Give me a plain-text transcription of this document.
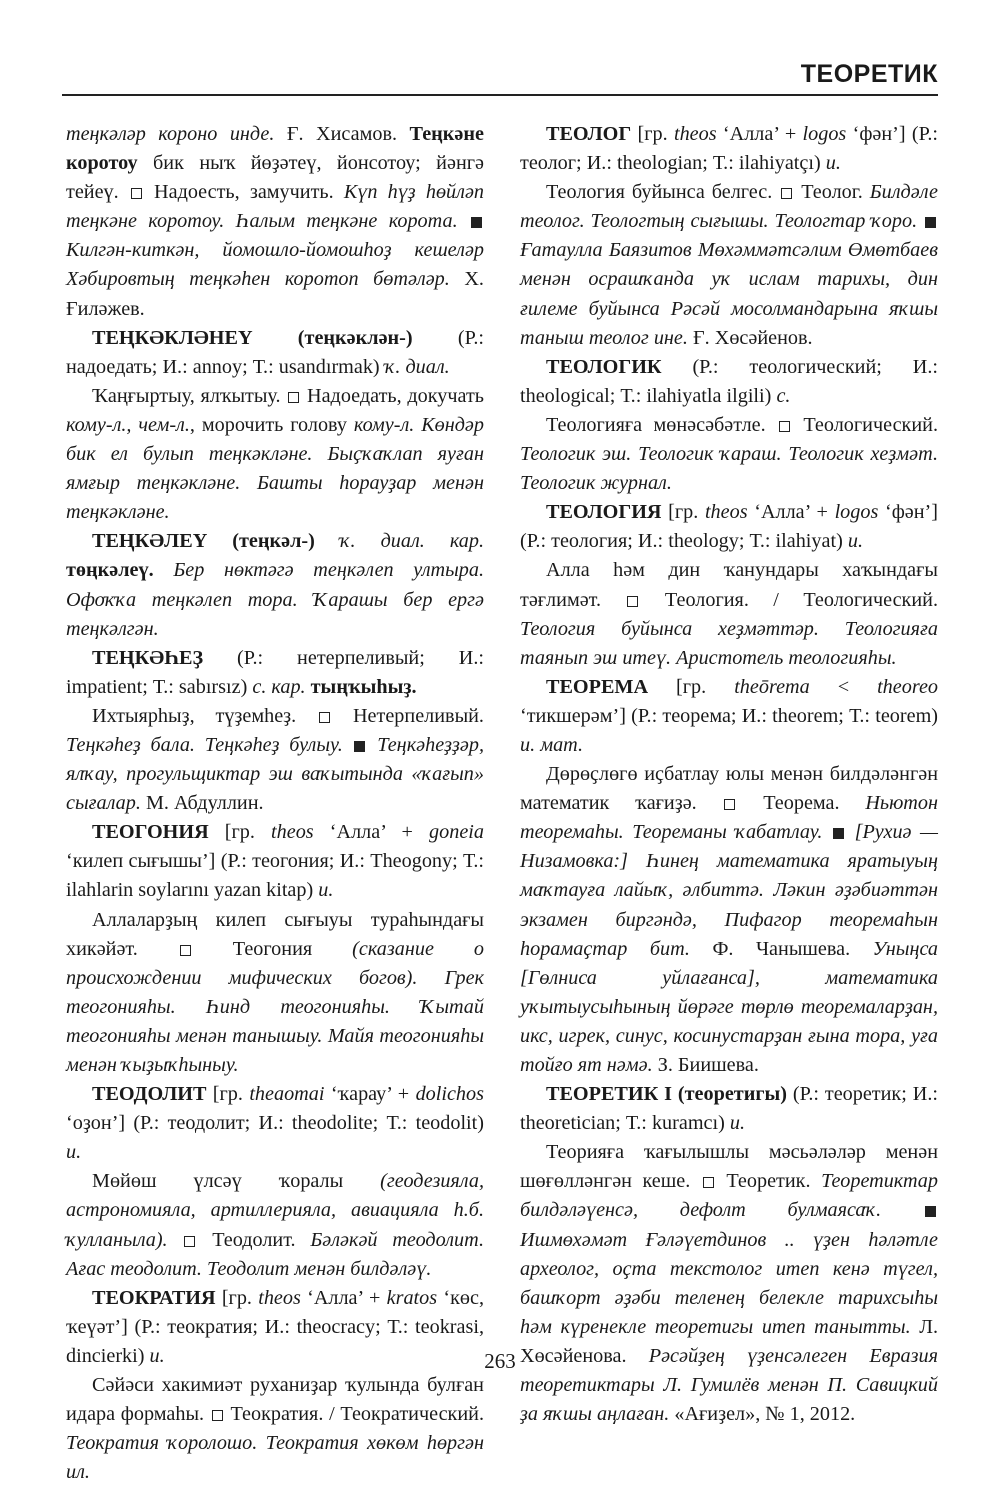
ТЕОРЕТИК

теңкәләр короно инде. Ғ. Хисамов. Теңкәне коротоу бик ныҡ йөҙәтеү, йонсотоу; йәнгә тейеү.  Надоесть, замучить. Күп һүҙ һөйләп теңкәне коротоу. Һалым теңкәне корота.  Килгән-киткән, йомошло-йомошһоҙ кешеләр Хәбировтың теңкәһен коротоп бөтәләр. Х. Ғиләжев.

ТЕҢКӘКЛӘНЕҮ (теңкәклән-) (Р.: надоедать; И.: annoy; Т.: usandırmak) ҡ. диал.

Ҡаңғыртыу, ялҡытыу.  Надоедать, докучать кому-л., чем-л., морочить голову кому-л. Көндәр бик ел булып теңкәкләне. Быҫҡаҡлап яуған ямғыр теңкәкләне. Башты һорауҙар менән теңкәкләне.

ТЕҢКӘЛЕҮ (теңкәл-) ҡ. диал. кар. төңкәлеү. Бер нөктәгә теңкәлеп ултыра. Офоҡҡа теңкәлеп тора. Ҡарашы бер ергә теңкәлгән.

ТЕҢКӘҺЕҘ (Р.: нетерпеливый; И.: impatient; Т.: sabırsız) с. кар. тыңҡыһыҙ.

Ихтыярһыҙ, түҙемһеҙ.  Нетерпеливый. Теңкәһеҙ бала. Теңкәһеҙ булыу. Теңкәһеҙҙәр, ялҡау, прогульщиктар эш ваҡытында «ҡағып» сығалар. М. Абдуллин.

ТЕОГОНИЯ [гр. theos ‘Алла’ + goneia ‘килеп сығышы’] (Р.: теогония; И.: Theogony; Т.: ilahlarin soylarını yazan kitap) и.

Аллаларҙың килеп сығыуы тураһындағы хикәйәт.  Теогония (сказание о происхождении мифических богов). Грек теогонияһы. Һинд теогонияһы. Ҡытай теогонияһы менән танышыу. Майя теогонияһы менән ҡыҙыҡһыныу.

ТЕОДОЛИТ [гр. theaomai ‘ҡарау’ + dolichos ‘оҙон’] (Р.: теодолит; И.: theodolite; Т.: teodolit) и.

Мөйөш үлсәү ҡоралы (геодезияла, астрономияла, артиллерияла, авиацияла һ.б. ҡулланыла).  Теодолит. Бәләкәй теодолит. Ағас теодолит. Теодолит менән билдәләү.

ТЕОКРАТИЯ [гр. theos ‘Алла’ + kratos ‘көс, ҡеүәт’] (Р.: теократия; И.: theocracy; Т.: teokrasi, dincierki) и.

Сәйәси хакимиәт руханиҙар ҡулында булған идара формаһы.  Теократия. / Теократический. Теократия ҡоролошо. Теократия хөкөм һөргән ил.

ТЕОЛОГ [гр. theos ‘Алла’ + logos ‘фән’] (Р.: теолог; И.: theologian; Т.: ilahiyatçı) и.

Теология буйынса белгес.  Теолог. Билдәле теолог. Теологтың сығышы. Теологтар ҡоро.  Ғатаулла Баязитов Мөхәммәтсәлим Өмөтбаев менән осрашҡанда уҡ ислам тарихы, дин ғилеме буйынса Рәсәй мосолмандарына яҡшы таныш теолог ине. Ғ. Хөсәйенов.

ТЕОЛОГИК (Р.: теологический; И.: theological; Т.: ilahiyatla ilgili) с.

Теологияға мөнәсәбәтле.  Теологический. Теологик эш. Теологик ҡараш. Теологик хеҙмәт. Теологик журнал.

ТЕОЛОГИЯ [гр. theos ‘Алла’ + logos ‘фән’] (Р.: теология; И.: theology; Т.: ilahiyat) и.

Алла һәм дин ҡанундары хаҡындағы тәғлимәт.  Теология. / Теологический. Теология буйынса хеҙмәттәр. Теологияға таянып эш итеү. Аристотель теологияһы.

ТЕОРЕМА [гр. theōrema < theoreo ‘тикшерәм’] (Р.: теорема; И.: theorem; Т.: teorem) и. мат.

Дөрөҫлөгө иҫбатлау юлы менән билдәләнгән математик ҡағиҙә.  Теорема. Ньютон теоремаһы. Теореманы ҡабатлау. [Рухиә — Низамовка:] Һинең математика яратыуың маҡтауға лайыҡ, әлбиттә. Ләкин әҙәбиәттән экзамен биргәндә, Пифагор теоремаһын һорамаҫтар бит. Ф. Чанышева. Уныңса [Гөлниса уйлағанса], математика уҡытыусыһының йөрәге төрлө теоремаларҙан, икс, игрек, синус, косинустарҙан ғына тора, уға тойғо ят нәмә. З. Биишева.

ТЕОРЕТИК I (теоретигы) (Р.: теоретик; И.: theoretician; Т.: kuramcı) и.

Теорияға ҡағылышлы мәсьәләләр менән шөғөлләнгән кеше.  Теоретик. Теоретиктар билдәләүенсә, дефолт булмаясаҡ.  Ишмөхәмәт Ғәләүетдинов .. үҙен һәләтле археолог, оҫта текстолог итеп кенә түгел, башҡорт әҙәби теленең белекле тарихсыһы һәм күренекле теоретигы итеп танытты. Л. Хөсәйенова. Рәсәйҙең үҙенсәлеген Евразия теоретиктары Л. Гумилёв менән П. Савицкий ҙа яҡшы аңлаған. «Ағиҙел», № 1, 2012.

263
